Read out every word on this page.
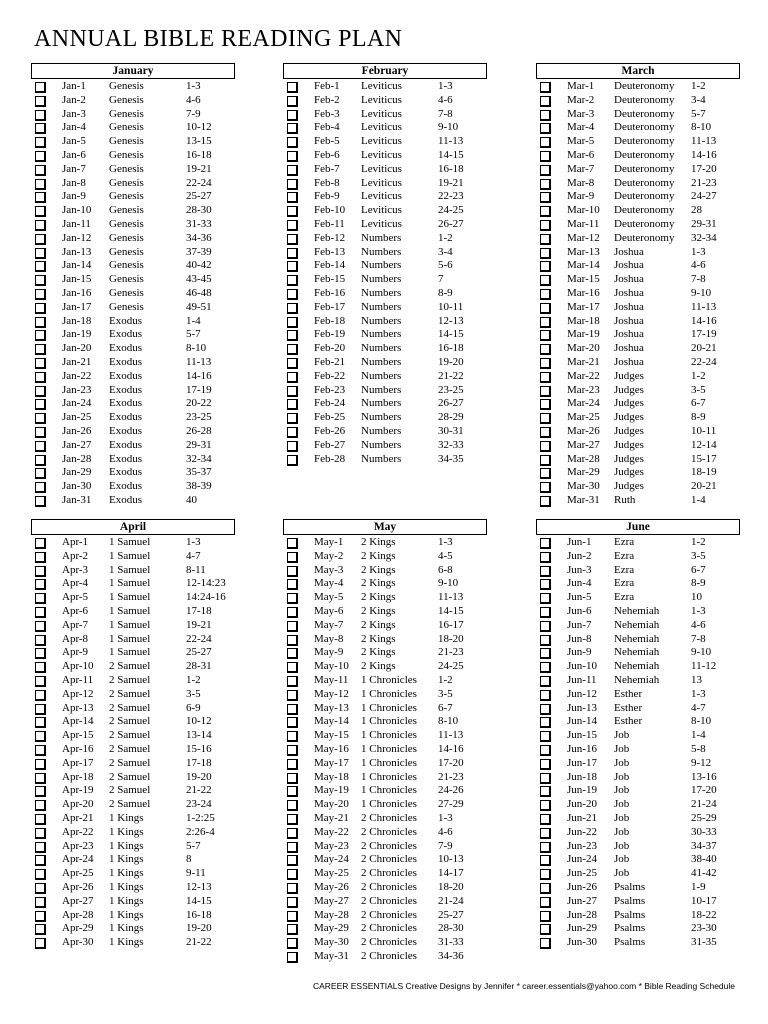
ANNUAL BIBLE READING PLAN
January
Jan-1 Genesis	1-3
Jan-2 Genesis	4-6
Jan-3 Genesis	7-9
Jan-4 Genesis	10-12
Jan-5 Genesis	13-15
Jan-6 Genesis	16-18
Jan-7 Genesis	19-21
Jan-8 Genesis	22-24
Jan-9 Genesis	25-27
Jan-10 Genesis	28-30
Jan-11 Genesis	31-33
Jan-12 Genesis	34-36
Jan-13 Genesis	37-39
Jan-14 Genesis	40-42
Jan-15 Genesis	43-45
Jan-16 Genesis	46-48
Jan-17 Genesis	49-51
Jan-18 Exodus	1-4
Jan-19 Exodus	5-7
Jan-20 Exodus	8-10
Jan-21 Exodus	11-13
Jan-22 Exodus	14-16
Jan-23 Exodus	17-19
Jan-24 Exodus	20-22
Jan-25 Exodus	23-25
Jan-26 Exodus	26-28
Jan-27 Exodus	29-31
Jan-28 Exodus	32-34
Jan-29 Exodus	35-37
Jan-30 Exodus	38-39
Jan-31 Exodus	40
February
Feb-1 Leviticus	1-3
Feb-2 Leviticus	4-6
Feb-3 Leviticus	7-8
Feb-4 Leviticus	9-10
Feb-5 Leviticus	11-13
Feb-6 Leviticus	14-15
Feb-7 Leviticus	16-18
Feb-8 Leviticus	19-21
Feb-9 Leviticus	22-23
Feb-10 Leviticus	24-25
Feb-11 Leviticus	26-27
Feb-12 Numbers	1-2
Feb-13 Numbers	3-4
Feb-14 Numbers	5-6
Feb-15 Numbers	7
Feb-16 Numbers	8-9
Feb-17 Numbers	10-11
Feb-18 Numbers	12-13
Feb-19 Numbers	14-15
Feb-20 Numbers	16-18
Feb-21 Numbers	19-20
Feb-22 Numbers	21-22
Feb-23 Numbers	23-25
Feb-24 Numbers	26-27
Feb-25 Numbers	28-29
Feb-26 Numbers	30-31
Feb-27 Numbers	32-33
Feb-28 Numbers	34-35
March
Mar-1 Deuteronomy 1-2
Mar-2 Deuteronomy 3-4
Mar-3 Deuteronomy 5-7
Mar-4 Deuteronomy 8-10
Mar-5 Deuteronomy 11-13
Mar-6 Deuteronomy 14-16
Mar-7 Deuteronomy 17-20
Mar-8 Deuteronomy 21-23
Mar-9 Deuteronomy 24-27
Mar-10 Deuteronomy 28
Mar-11 Deuteronomy 29-31
Mar-12 Deuteronomy 32-34
Mar-13 Joshua	1-3
Mar-14 Joshua	4-6
Mar-15 Joshua	7-8
Mar-16 Joshua	9-10
Mar-17 Joshua	11-13
Mar-18 Joshua	14-16
Mar-19 Joshua	17-19
Mar-20 Joshua	20-21
Mar-21 Joshua	22-24
Mar-22 Judges	1-2
Mar-23 Judges	3-5
Mar-24 Judges	6-7
Mar-25 Judges	8-9
Mar-26 Judges	10-11
Mar-27 Judges	12-14
Mar-28 Judges	15-17
Mar-29 Judges	18-19
Mar-30 Judges	20-21
Mar-31 Ruth	1-4
April
Apr-1 1 Samuel	1-3
Apr-2 1 Samuel	4-7
Apr-3 1 Samuel	8-11
Apr-4 1 Samuel	12-14:23
Apr-5 1 Samuel	14:24-16
Apr-6 1 Samuel	17-18
Apr-7 1 Samuel	19-21
Apr-8 1 Samuel	22-24
Apr-9 1 Samuel	25-27
Apr-10 2 Samuel	28-31
Apr-11 2 Samuel	1-2
Apr-12 2 Samuel	3-5
Apr-13 2 Samuel	6-9
Apr-14 2 Samuel	10-12
Apr-15 2 Samuel	13-14
Apr-16 2 Samuel	15-16
Apr-17 2 Samuel	17-18
Apr-18 2 Samuel	19-20
Apr-19 2 Samuel	21-22
Apr-20 2 Samuel	23-24
Apr-21 1 Kings	1-2:25
Apr-22 1 Kings	2:26-4
Apr-23 1 Kings	5-7
Apr-24 1 Kings	8
Apr-25 1 Kings	9-11
Apr-26 1 Kings	12-13
Apr-27 1 Kings	14-15
Apr-28 1 Kings	16-18
Apr-29 1 Kings	19-20
Apr-30 1 Kings	21-22
May
May-1 2 Kings	1-3
May-2 2 Kings	4-5
May-3 2 Kings	6-8
May-4 2 Kings	9-10
May-5 2 Kings	11-13
May-6 2 Kings	14-15
May-7 2 Kings	16-17
May-8 2 Kings	18-20
May-9 2 Kings	21-23
May-10 2 Kings	24-25
May-11 1 Chronicles 1-2
May-12 1 Chronicles 3-5
May-13 1 Chronicles 6-7
May-14 1 Chronicles 8-10
May-15 1 Chronicles 11-13
May-16 1 Chronicles 14-16
May-17 1 Chronicles 17-20
May-18 1 Chronicles 21-23
May-19 1 Chronicles 24-26
May-20 1 Chronicles 27-29
May-21 2 Chronicles 1-3
May-22 2 Chronicles 4-6
May-23 2 Chronicles 7-9
May-24 2 Chronicles 10-13
May-25 2 Chronicles 14-17
May-26 2 Chronicles 18-20
May-27 2 Chronicles 21-24
May-28 2 Chronicles 25-27
May-29 2 Chronicles 28-30
May-30 2 Chronicles 31-33
May-31 2 Chronicles 34-36
June
Jun-1 Ezra	1-2
Jun-2 Ezra	3-5
Jun-3 Ezra	6-7
Jun-4 Ezra	8-9
Jun-5 Ezra	10
Jun-6 Nehemiah	1-3
Jun-7 Nehemiah	4-6
Jun-8 Nehemiah	7-8
Jun-9 Nehemiah	9-10
Jun-10 Nehemiah	11-12
Jun-11 Nehemiah	13
Jun-12 Esther	1-3
Jun-13 Esther	4-7
Jun-14 Esther	8-10
Jun-15 Job	1-4
Jun-16 Job	5-8
Jun-17 Job	9-12
Jun-18 Job	13-16
Jun-19 Job	17-20
Jun-20 Job	21-24
Jun-21 Job	25-29
Jun-22 Job	30-33
Jun-23 Job	34-37
Jun-24 Job	38-40
Jun-25 Job	41-42
Jun-26 Psalms	1-9
Jun-27 Psalms	10-17
Jun-28 Psalms	18-22
Jun-29 Psalms	23-30
Jun-30 Psalms	31-35
CAREER ESSENTIALS Creative Designs by Jennifer * career.essentials@yahoo.com * Bible Reading Schedule
